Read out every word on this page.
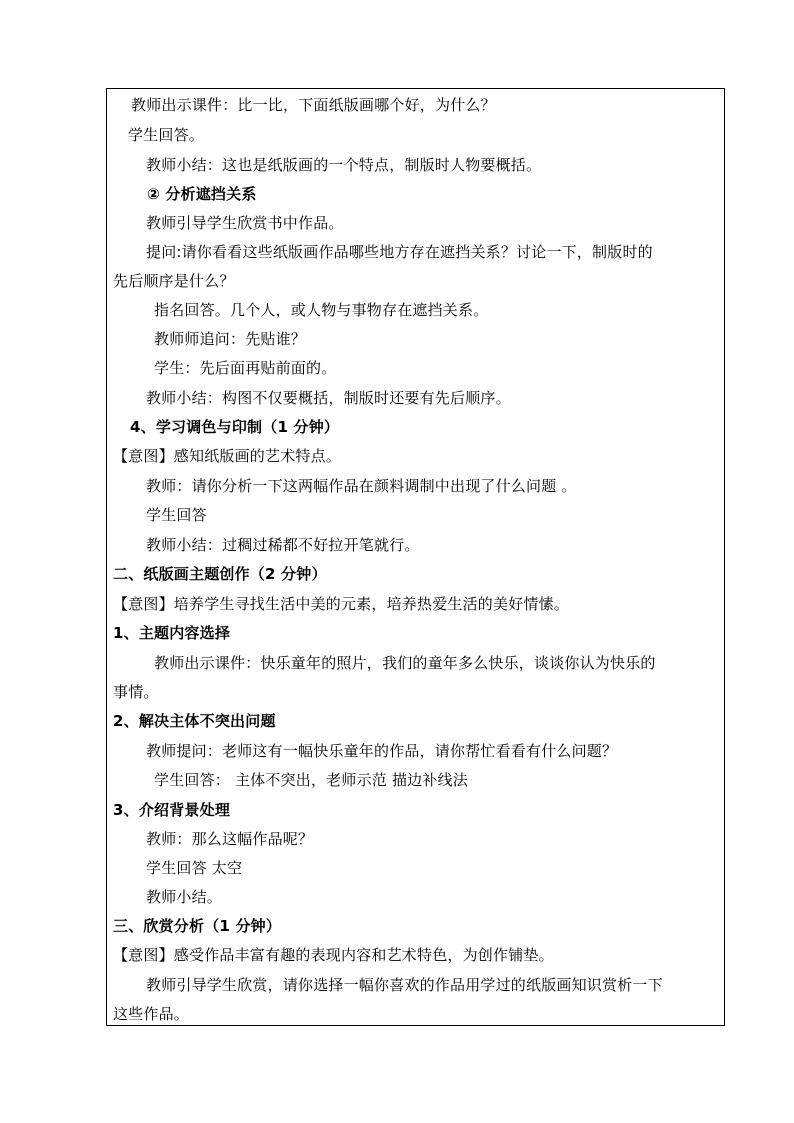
教师出示课件：比一比，下面纸版画哪个好，为什么？
学生回答。
教师小结：这也是纸版画的一个特点，制版时人物要概括。
② 分析遮挡关系
教师引导学生欣赏书中作品。
提问:请你看看这些纸版画作品哪些地方存在遮挡关系？讨论一下，制版时的
先后顺序是什么？
指名回答。几个人，或人物与事物存在遮挡关系。
教师师追问：先贴谁？
学生：先后面再贴前面的。
教师小结：构图不仅要概括，制版时还要有先后顺序。
4、学习调色与印制（1 分钟）
【意图】感知纸版画的艺术特点。
教师：请你分析一下这两幅作品在颜料调制中出现了什么问题 。
学生回答
教师小结：过稠过稀都不好拉开笔就行。
二、纸版画主题创作（2 分钟）
【意图】培养学生寻找生活中美的元素，培养热爱生活的美好情愫。
1、主题内容选择
教师出示课件：快乐童年的照片，我们的童年多么快乐，谈谈你认为快乐的
事情。
2、解决主体不突出问题
教师提问：老师这有一幅快乐童年的作品，请你帮忙看看有什么问题？
学生回答： 主体不突出，老师示范 描边补线法
3、介绍背景处理
教师：那么这幅作品呢？
学生回答 太空
教师小结。
三、欣赏分析（1 分钟）
【意图】感受作品丰富有趣的表现内容和艺术特色，为创作铺垫。
教师引导学生欣赏，请你选择一幅你喜欢的作品用学过的纸版画知识赏析一下
这些作品。
